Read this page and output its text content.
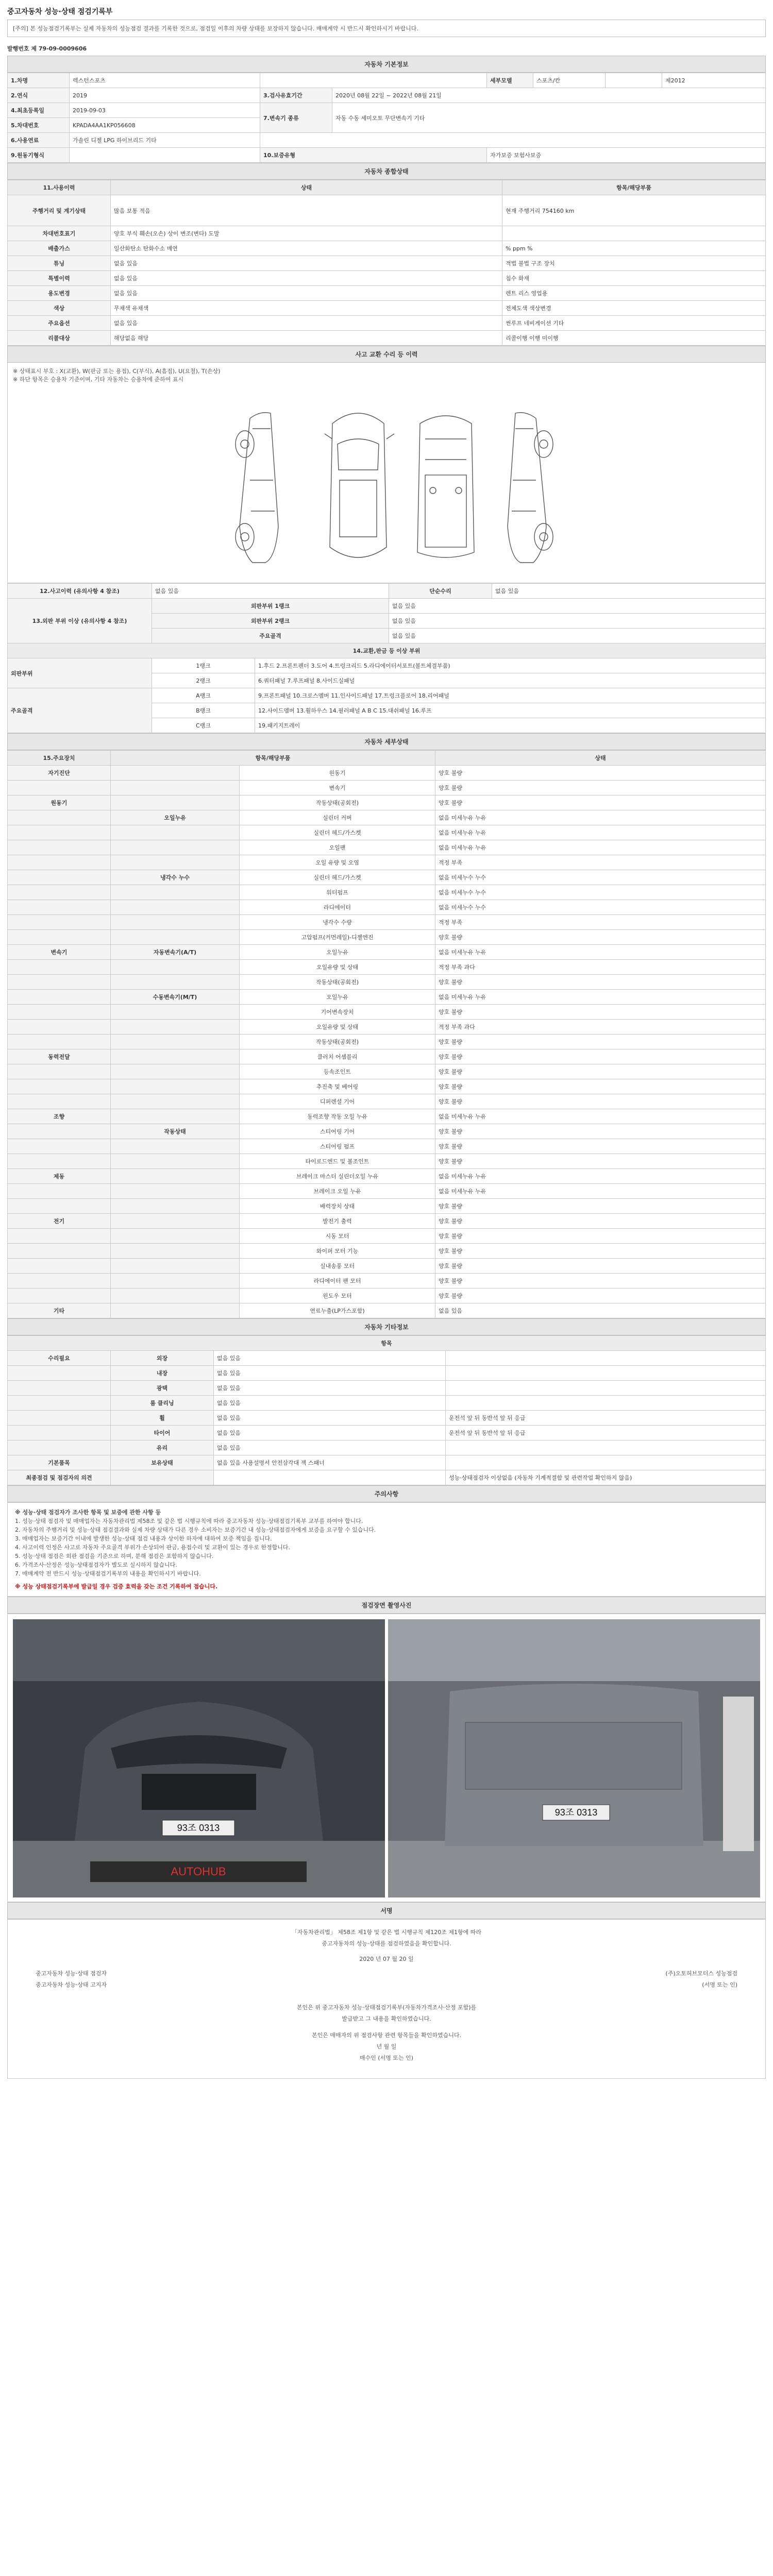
중고자동차 성능·상태 점검기록부
[주의] 본 성능점검기록부는 실제 자동차의 성능점검 결과를 기록한 것으로, 점검일 이후의 차량 상태를 보장하지 않습니다. 매매계약 시 반드시 확인하시기 바랍니다.
발행번호 제 79-09-0009606
자동차 기본정보
1.차명	렉스턴스포츠			세부모델	스포츠/칸		제2012
2.연식	2019	3.검사유효기간	2020년 08월 22일 ~ 2022년 08월 21일				
4.최초등록일	2019-09-03	7.변속기 종류	자동 수동 세미오토 무단변속기 기타				
5.차대번호	KPADA4AA1KP056608						
6.사용연료	가솔린 디젤 LPG 하이브리드 기타						
9.원동기형식		10.보증유형		자가보증 보험사보증			
자동차 종합상태
11.사용이력	상태	항목/해당부품
주행거리 및 계기상태	많음 보통 적음	현재 주행거리 754160 km
차대번호표기	양호 부식 훼손(오손) 상이 변조(변타) 도말	
배출가스	일산화탄소 탄화수소 매연	% ppm %
튜닝	없음 있음	적법 불법 구조 장치
특별이력	없음 있음	침수 화재
용도변경	없음 있음	렌트 리스 영업용
색상	무채색 유채색	전체도색 색상변경
주요옵션	없음 있음	썬루프 네비게이션 기타
리콜대상	해당없음 해당	리콜이행 이행 미이행
사고 교환 수리 등 이력
※ 상태표시 부호 : X(교환), W(판금 또는 용접), C(부식), A(흠집), U(요철), T(손상)
※ 하단 항목은 승용차 기준이며, 기타 자동차는 승용차에 준하여 표시
12.사고이력 (유의사항 4 참조)	없음 있음		단순수리	없음 있음
13.외판 부위 이상 (유의사항 4 참조)	외판부위 1랭크		없음 있음	
	외판부위 2랭크		없음 있음	
	주요골격		없음 있음	
14.교환,판금 등 이상 부위				
외판부위	1랭크	1.후드 2.프론트펜더 3.도어 4.트렁크리드 5.라디에이터서포트(볼트체결부품)		
	2랭크	6.쿼터패널 7.루프패널 8.사이드실패널		
주요골격	A랭크	9.프론트패널 10.크로스멤버 11.인사이드패널 17.트렁크플로어 18.리어패널		
	B랭크	12.사이드멤버 13.휠하우스 14.필러패널 A B C 15.대쉬패널 16.루프		
	C랭크	19.패키지트레이		
자동차 세부상태
15.주요장치	항목/해당부품		상태
자기진단		원동기	양호 불량
		변속기	양호 불량
원동기		작동상태(공회전)	양호 불량
	오일누유	실린더 커버	없음 미세누유 누유
		실린더 헤드/가스켓	없음 미세누유 누유
		오일팬	없음 미세누유 누유
		오일 유량 및 오염	적정 부족
	냉각수 누수	실린더 헤드/가스켓	없음 미세누수 누수
		워터펌프	없음 미세누수 누수
		라디에이터	없음 미세누수 누수
		냉각수 수량	적정 부족
		고압펌프(커먼레일)-디젤엔진	양호 불량
변속기	자동변속기(A/T)	오일누유	없음 미세누유 누유
		오일유량 및 상태	적정 부족 과다
		작동상태(공회전)	양호 불량
	수동변속기(M/T)	오일누유	없음 미세누유 누유
		기어변속장치	양호 불량
		오일유량 및 상태	적정 부족 과다
		작동상태(공회전)	양호 불량
동력전달		클러치 어셈블리	양호 불량
		등속조인트	양호 불량
		추진축 및 베어링	양호 불량
		디퍼렌셜 기어	양호 불량
조향		동력조향 작동 오일 누유	없음 미세누유 누유
	작동상태	스티어링 기어	양호 불량
		스티어링 펌프	양호 불량
		타이로드엔드 및 볼조인트	양호 불량
제동		브레이크 마스터 실린더오일 누유	없음 미세누유 누유
		브레이크 오일 누유	없음 미세누유 누유
		배력장치 상태	양호 불량
전기		발전기 출력	양호 불량
		시동 모터	양호 불량
		와이퍼 모터 기능	양호 불량
		실내송풍 모터	양호 불량
		라디에이터 팬 모터	양호 불량
		윈도우 모터	양호 불량
기타		연료누출(LP가스포함)	없음 있음
자동차 기타정보
항목			
수리필요	외장	없음 있음	
	내장	없음 있음	
	광택	없음 있음	
	룸 클리닝	없음 있음	
	휠	없음 있음	운전석 앞 뒤 동반석 앞 뒤 응급
	타이어	없음 있음	운전석 앞 뒤 동반석 앞 뒤 응급
	유리	없음 있음	
기본품목	보유상태	없음 있음 사용설명서 안전삼각대 잭 스패너	
최종점검 및 점검자의 의견			성능·상태점검자 이상없음 (자동차 기계적결함 및 관련작업 확인하지 않음)
주의사항
※ 성능·상태 점검자가 조사한 항목 및 보증에 관한 사항 등
1. 성능·상태 점검자 및 매매업자는 자동차관리법 제58조 및 같은 법 시행규칙에 따라 중고자동차 성능·상태점검기록부 교부를 하여야 합니다.
2. 자동차의 주행거리 및 성능·상태 점검결과와 실제 차량 상태가 다른 경우 소비자는 보증기간 내 성능·상태점검자에게 보증을 요구할 수 있습니다.
3. 매매업자는 보증기간 이내에 발생한 성능·상태 점검 내용과 상이한 하자에 대하여 보증 책임을 집니다.
4. 사고이력 인정은 사고로 자동차 주요골격 부위가 손상되어 판금, 용접수리 및 교환이 있는 경우로 한정합니다.
5. 성능·상태 점검은 외관 점검을 기준으로 하며, 분해 점검은 포함하지 않습니다.
6. 가격조사·산정은 성능·상태점검자가 별도로 실시하지 않습니다.
7. 매매계약 전 반드시 성능·상태점검기록부의 내용을 확인하시기 바랍니다.
※ 성능 상태점검기록부에 발급일 경우 검증 효력을 갖는 조건 기록하여 접습니다.
점검장면 촬영사진
93조 0313
AUTOHUB
93조 0313
서명
「자동차관리법」 제58조 제1항 및 같은 법 시행규칙 제120조 제1항에 따라
중고자동차의 성능·상태를 점검하였음을 확인합니다.
2020 년 07 월 20 일
중고자동차 성능·상태 점검자	(주)오토허브모터스 성능점검
중고자동차 성능·상태 고지자	(서명 또는 인)
본인은 위 중고자동차 성능·상태점검기록부(자동차가격조사·산정 포함)를
발급받고 그 내용을 확인하였습니다.
본인은 매매자의 위 점검사항 관련 항목들을 확인하였습니다.
년 월 일
매수인 (서명 또는 인)
